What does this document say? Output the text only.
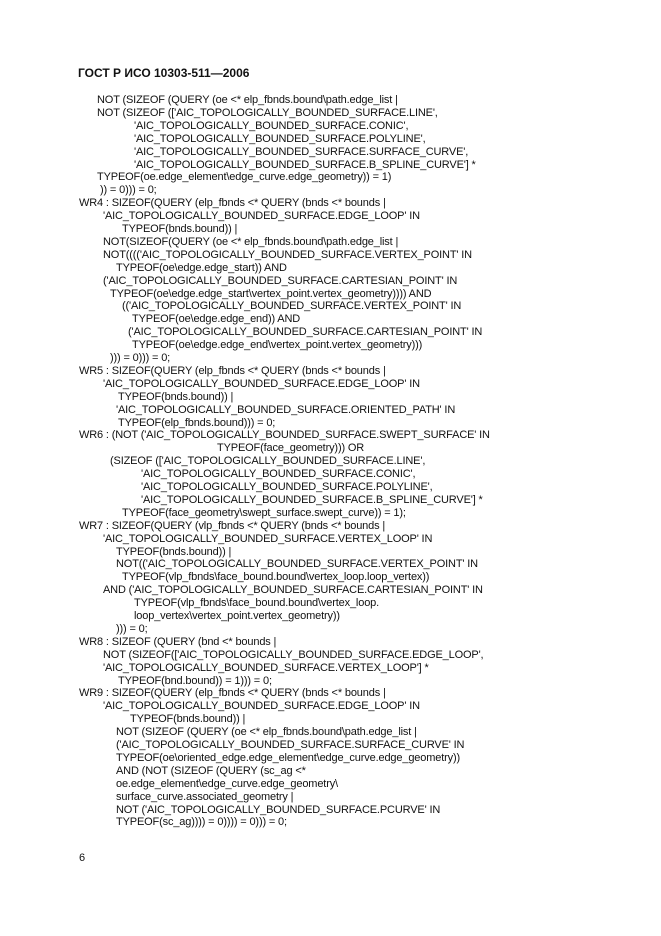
ГОСТ Р ИСО 10303-511—2006
NOT (SIZEOF (QUERY (oe <* elp_fbnds.bound\path.edge_list |
NOT (SIZEOF (['AIC_TOPOLOGICALLY_BOUNDED_SURFACE.LINE',
'AIC_TOPOLOGICALLY_BOUNDED_SURFACE.CONIC',
'AIC_TOPOLOGICALLY_BOUNDED_SURFACE.POLYLINE',
'AIC_TOPOLOGICALLY_BOUNDED_SURFACE.SURFACE_CURVE',
'AIC_TOPOLOGICALLY_BOUNDED_SURFACE.B_SPLINE_CURVE'] *
TYPEOF(oe.edge_element\edge_curve.edge_geometry)) = 1)
)) = 0))) = 0;
WR4 : SIZEOF(QUERY (elp_fbnds <* QUERY (bnds <* bounds |
'AIC_TOPOLOGICALLY_BOUNDED_SURFACE.EDGE_LOOP' IN
TYPEOF(bnds.bound)) |
NOT(SIZEOF(QUERY (oe <* elp_fbnds.bound\path.edge_list |
NOT(((('AIC_TOPOLOGICALLY_BOUNDED_SURFACE.VERTEX_POINT' IN
TYPEOF(oe\edge.edge_start)) AND
('AIC_TOPOLOGICALLY_BOUNDED_SURFACE.CARTESIAN_POINT' IN
TYPEOF(oe\edge.edge_start\vertex_point.vertex_geometry)))) AND
(('AIC_TOPOLOGICALLY_BOUNDED_SURFACE.VERTEX_POINT' IN
TYPEOF(oe\edge.edge_end)) AND
('AIC_TOPOLOGICALLY_BOUNDED_SURFACE.CARTESIAN_POINT' IN
TYPEOF(oe\edge.edge_end\vertex_point.vertex_geometry)))
))) = 0))) = 0;
WR5 : SIZEOF(QUERY (elp_fbnds <* QUERY (bnds <* bounds |
'AIC_TOPOLOGICALLY_BOUNDED_SURFACE.EDGE_LOOP' IN
TYPEOF(bnds.bound)) |
'AIC_TOPOLOGICALLY_BOUNDED_SURFACE.ORIENTED_PATH' IN
TYPEOF(elp_fbnds.bound))) = 0;
WR6 : (NOT ('AIC_TOPOLOGICALLY_BOUNDED_SURFACE.SWEPT_SURFACE' IN
TYPEOF(face_geometry))) OR
(SIZEOF (['AIC_TOPOLOGICALLY_BOUNDED_SURFACE.LINE',
'AIC_TOPOLOGICALLY_BOUNDED_SURFACE.CONIC',
'AIC_TOPOLOGICALLY_BOUNDED_SURFACE.POLYLINE',
'AIC_TOPOLOGICALLY_BOUNDED_SURFACE.B_SPLINE_CURVE'] *
TYPEOF(face_geometry\swept_surface.swept_curve)) = 1);
WR7 : SIZEOF(QUERY (vlp_fbnds <* QUERY (bnds <* bounds |
'AIC_TOPOLOGICALLY_BOUNDED_SURFACE.VERTEX_LOOP' IN
TYPEOF(bnds.bound)) |
NOT(('AIC_TOPOLOGICALLY_BOUNDED_SURFACE.VERTEX_POINT' IN
TYPEOF(vlp_fbnds\face_bound.bound\vertex_loop.loop_vertex))
AND ('AIC_TOPOLOGICALLY_BOUNDED_SURFACE.CARTESIAN_POINT' IN
TYPEOF(vlp_fbnds\face_bound.bound\vertex_loop.
loop_vertex\vertex_point.vertex_geometry))
))) = 0;
WR8 : SIZEOF (QUERY (bnd <* bounds |
NOT (SIZEOF(['AIC_TOPOLOGICALLY_BOUNDED_SURFACE.EDGE_LOOP',
'AIC_TOPOLOGICALLY_BOUNDED_SURFACE.VERTEX_LOOP'] *
TYPEOF(bnd.bound)) = 1))) = 0;
WR9 : SIZEOF(QUERY (elp_fbnds <* QUERY (bnds <* bounds |
'AIC_TOPOLOGICALLY_BOUNDED_SURFACE.EDGE_LOOP' IN
TYPEOF(bnds.bound)) |
NOT (SIZEOF (QUERY (oe <* elp_fbnds.bound\path.edge_list |
('AIC_TOPOLOGICALLY_BOUNDED_SURFACE.SURFACE_CURVE' IN
TYPEOF(oe\oriented_edge.edge_element\edge_curve.edge_geometry))
AND (NOT (SIZEOF (QUERY (sc_ag <*
oe.edge_element\edge_curve.edge_geometry\
surface_curve.associated_geometry |
NOT ('AIC_TOPOLOGICALLY_BOUNDED_SURFACE.PCURVE' IN
TYPEOF(sc_ag)))) = 0)))) = 0))) = 0;
6
